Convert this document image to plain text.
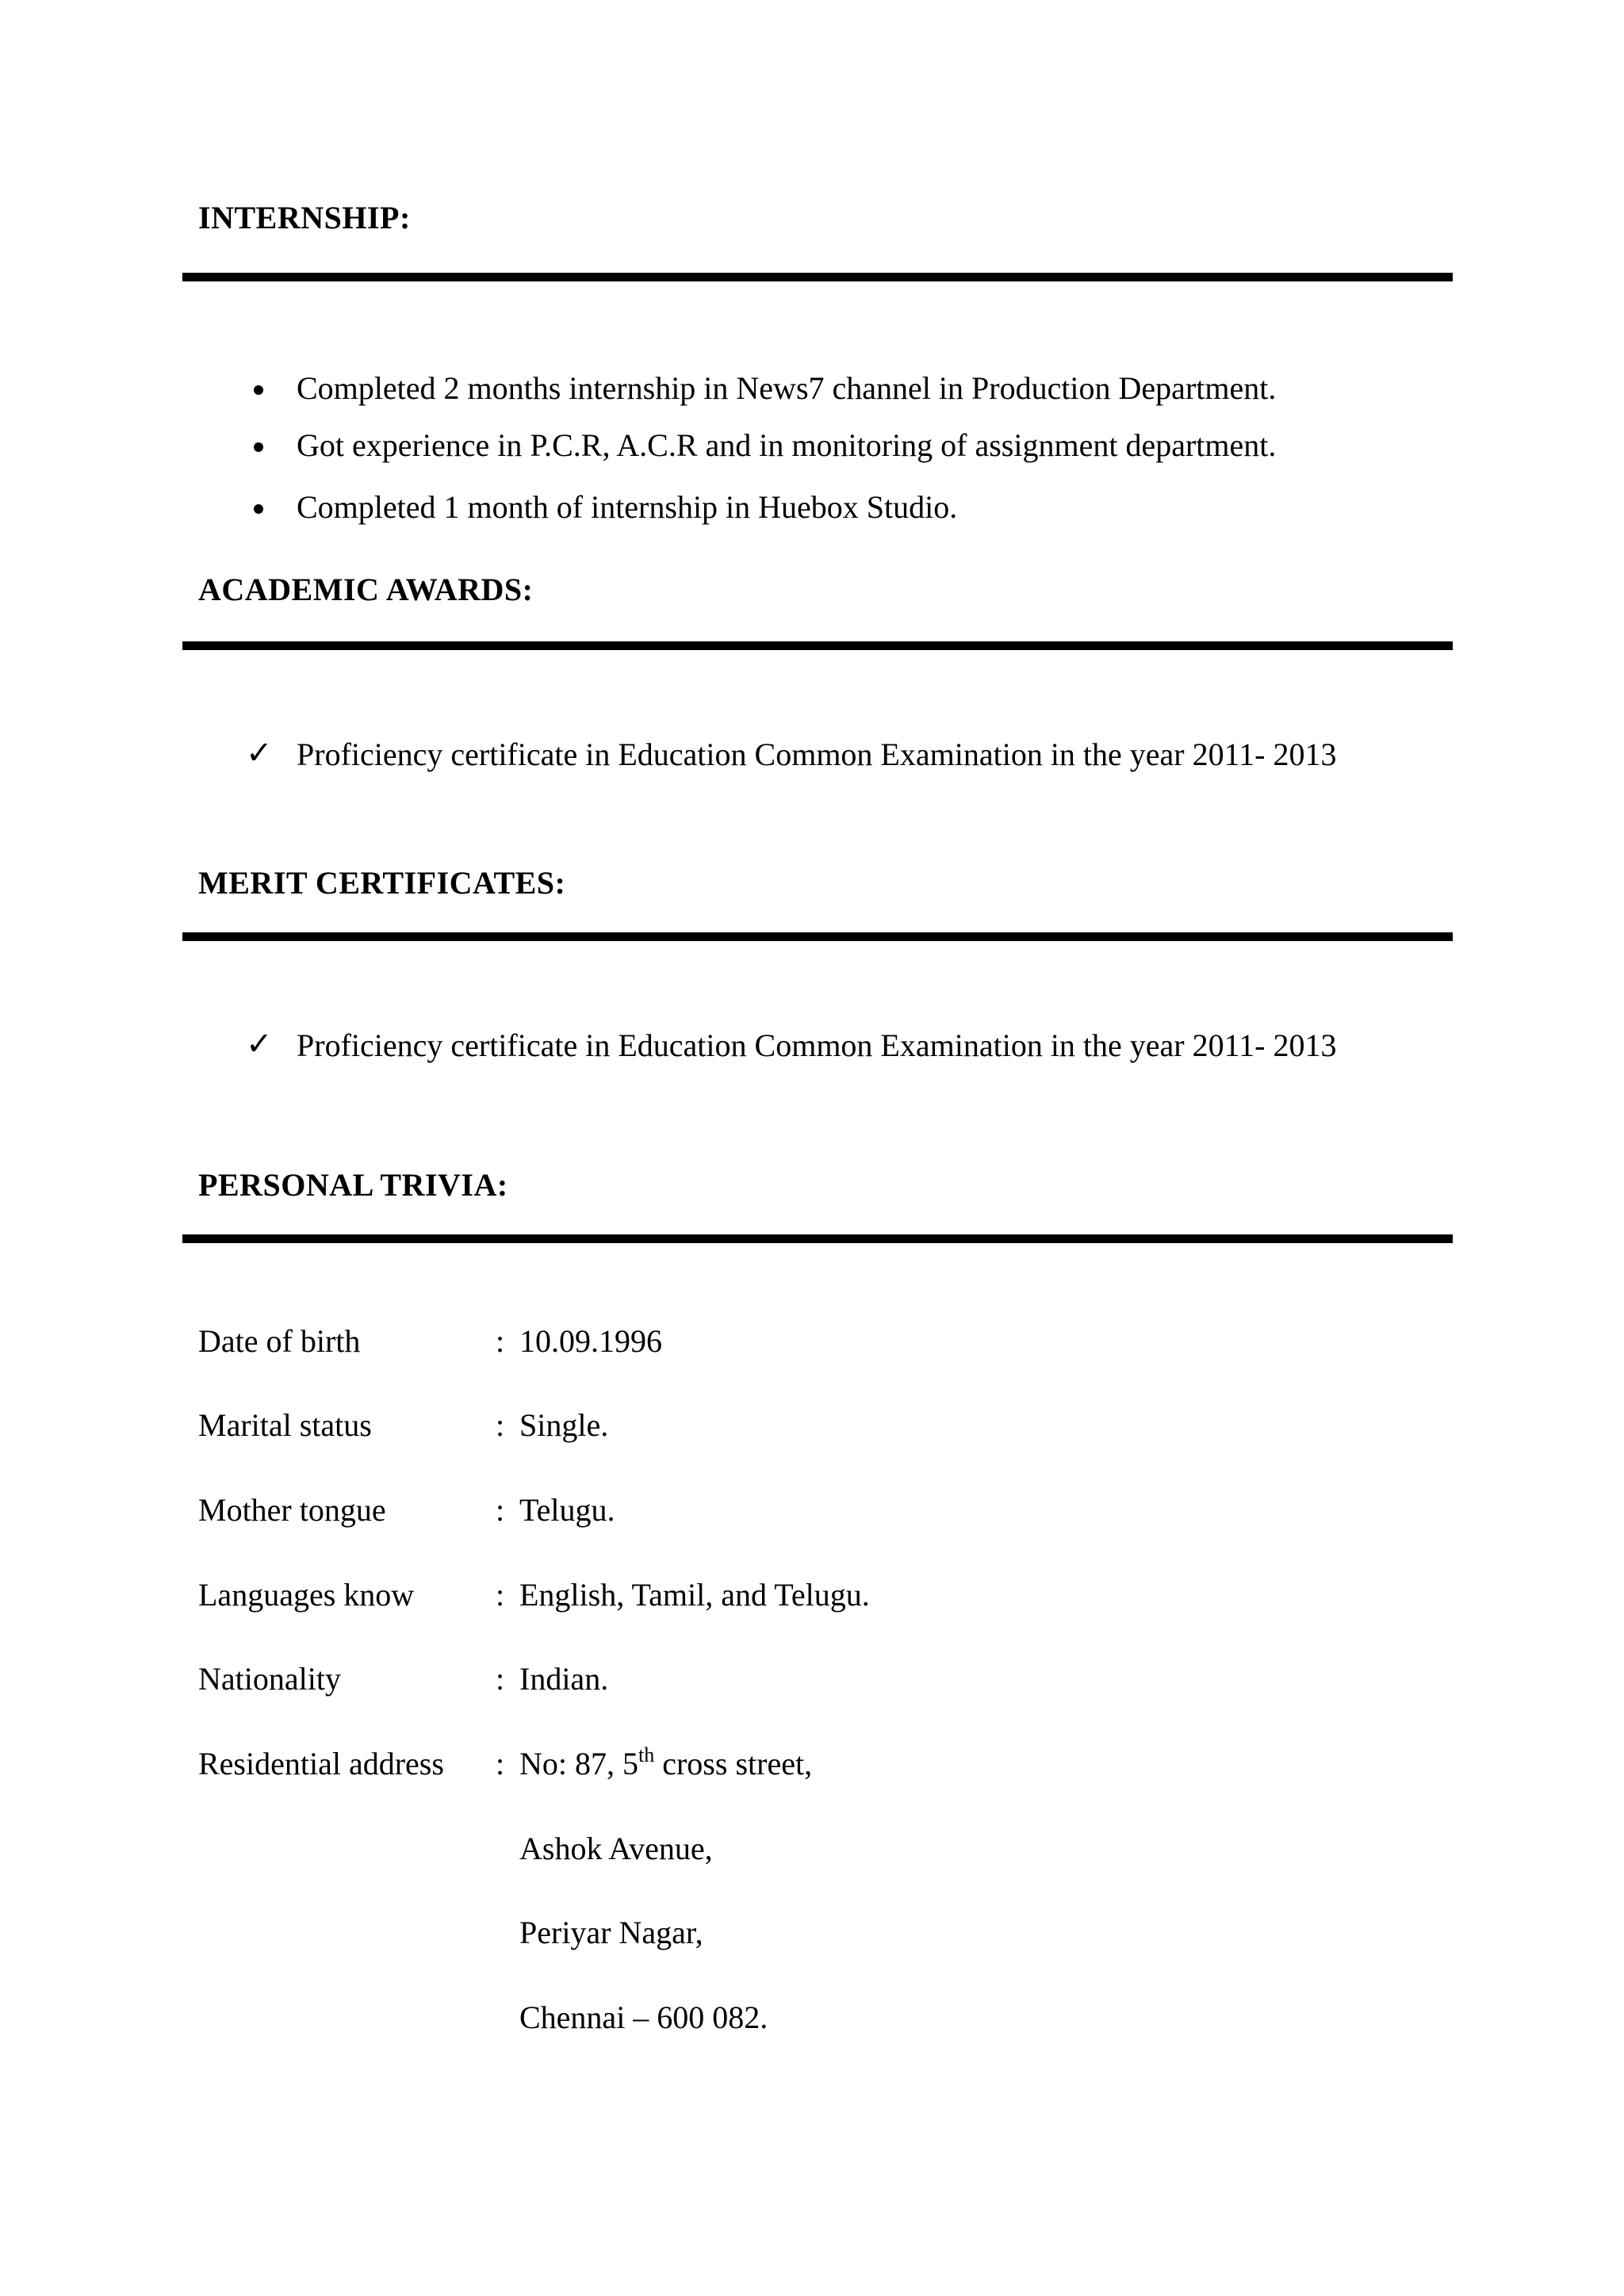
INTERNSHIP:

Completed 2 months internship in News7 channel in Production Department.

Got experience in P.C.R, A.C.R and in monitoring of assignment department.

Completed 1 month of internship in Huebox Studio.

ACADEMIC AWARDS:
✓ Proficiency certificate in Education Common Examination in the year 2011- 2013

MERIT CERTIFICATES:
✓ Proficiency certificate in Education Common Examination in the year 2011- 2013

PERSONAL TRIVIA:

Date of birth	: 10.09.1996

Marital status	: Single.

Mother tongue	: Telugu.

Languages know	: English, Tamil, and Telugu.

Nationality	: Indian.

Residential address : No: 87, 5th cross street,

Ashok Avenue,

Periyar Nagar,

Chennai – 600 082.
